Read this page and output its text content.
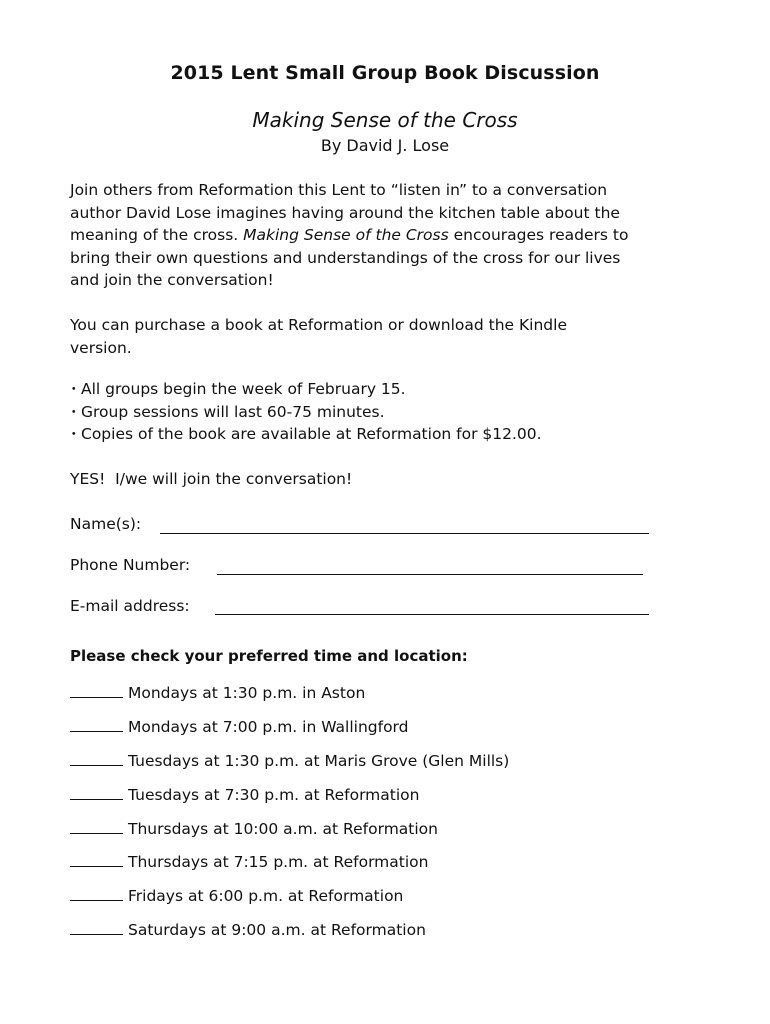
2015 Lent Small Group Book Discussion
Making Sense of the Cross
By David J. Lose
Join others from Reformation this Lent to “listen in” to a conversation
author David Lose imagines having around the kitchen table about the
meaning of the cross. Making Sense of the Cross encourages readers to
bring their own questions and understandings of the cross for our lives
and join the conversation!
You can purchase a book at Reformation or download the Kindle
version.
・All groups begin the week of February 15.
・Group sessions will last 60-75 minutes.
・Copies of the book are available at Reformation for $12.00.
YES!  I/we will join the conversation!
Name(s):
Phone Number:
E-mail address:
Please check your preferred time and location:
Mondays at 1:30 p.m. in Aston
Mondays at 7:00 p.m. in Wallingford
Tuesdays at 1:30 p.m. at Maris Grove (Glen Mills)
Tuesdays at 7:30 p.m. at Reformation
Thursdays at 10:00 a.m. at Reformation
Thursdays at 7:15 p.m. at Reformation
Fridays at 6:00 p.m. at Reformation
Saturdays at 9:00 a.m. at Reformation
